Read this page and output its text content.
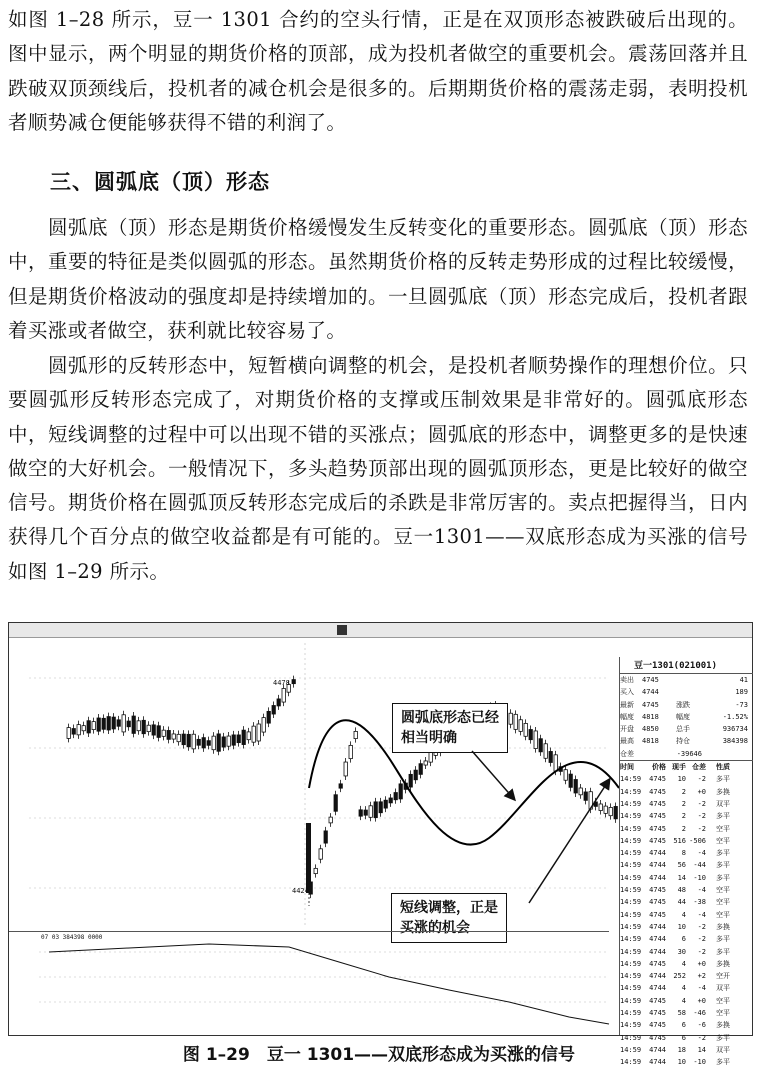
如图 1–28 所示，豆一 1301 合约的空头行情，正是在双顶形态被跌破后出现的。图中显示，两个明显的期货价格的顶部，成为投机者做空的重要机会。震荡回落并且跌破双顶颈线后，投机者的减仓机会是很多的。后期期货价格的震荡走弱，表明投机者顺势减仓便能够获得不错的利润了。
三、圆弧底（顶）形态
圆弧底（顶）形态是期货价格缓慢发生反转变化的重要形态。圆弧底（顶）形态中，重要的特征是类似圆弧的形态。虽然期货价格的反转走势形成的过程比较缓慢，但是期货价格波动的强度却是持续增加的。一旦圆弧底（顶）形态完成后，投机者跟着买涨或者做空，获利就比较容易了。
圆弧形的反转形态中，短暂横向调整的机会，是投机者顺势操作的理想价位。只要圆弧形反转形态完成了，对期货价格的支撑或压制效果是非常好的。圆弧底形态中，短线调整的过程中可以出现不错的买涨点；圆弧底的形态中，调整更多的是快速做空的大好机会。一般情况下，多头趋势顶部出现的圆弧顶形态，更是比较好的做空信号。期货价格在圆弧顶反转形态完成后的杀跌是非常厉害的。卖点把握得当，日内获得几个百分点的做空收益都是有可能的。豆一1301——双底形态成为买涨的信号如图 1–29 所示。
4478
4424
圆弧底形态已经
相当明确
短线调整，正是
买涨的机会
07 03 384398 0000
豆一1301(021001)
卖出	4745	41
买入	4744	189
最新	4745	涨跌	-73
幅度	4818	幅度	-1.52%
开盘	4850	总手	936734
最高	4818	持仓	384398
仓差	-39646
时间	价格 现手 仓差	性质
14:59	4745	10	-2	多平
14:59	4745	2	+0	多换
14:59	4745	2	-2	双平
14:59	4745	2	-2	多平
14:59	4745	2	-2	空平
14:59	4745	516 -506	空平
14:59	4744	8	-4	多平
14:59	4744	56	-44	多平
14:59	4744	14	-10	多平
14:59	4745	48	-4	空平
14:59	4745	44	-38	空平
14:59	4745	4	-4	空平
14:59	4744	10	-2	多换
14:59	4744	6	-2	多平
14:59	4744	30	-2	多平
14:59	4745	4	+0	多换
14:59	4744	252	+2	空开
14:59	4744	4	-4	双平
14:59	4745	4	+0	空平
14:59	4745	58	-46	空平
14:59	4745	6	-6	多换
14:59	4745	6	-2	多平
14:59	4744	18	14	双平
14:59	4744	10	-10	多平
图 1–29　豆一 1301——双底形态成为买涨的信号
